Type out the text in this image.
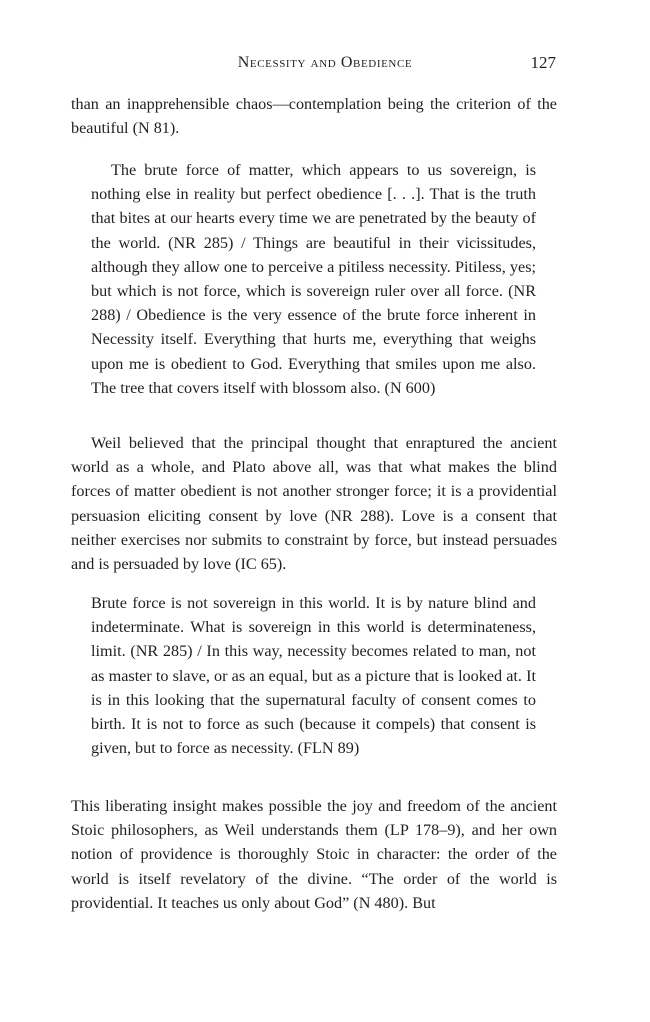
Necessity and Obedience	127

than an inapprehensible chaos—contemplation being the criterion of the beautiful (N 81).

The brute force of matter, which appears to us sovereign, is nothing else in reality but perfect obedience [. . .]. That is the truth that bites at our hearts every time we are penetrated by the beauty of the world. (NR 285) / Things are beautiful in their vicissitudes, although they allow one to perceive a pitiless necessity. Pitiless, yes; but which is not force, which is sovereign ruler over all force. (NR 288) / Obedience is the very essence of the brute force inherent in Necessity itself. Everything that hurts me, everything that weighs upon me is obedient to God. Everything that smiles upon me also. The tree that covers itself with blossom also. (N 600)

Weil believed that the principal thought that enraptured the ancient world as a whole, and Plato above all, was that what makes the blind forces of matter obedient is not another stronger force; it is a providential persuasion eliciting consent by love (NR 288). Love is a consent that neither exercises nor submits to constraint by force, but instead persuades and is persuaded by love (IC 65).

Brute force is not sovereign in this world. It is by nature blind and indeterminate. What is sovereign in this world is determinateness, limit. (NR 285) / In this way, necessity becomes related to man, not as master to slave, or as an equal, but as a picture that is looked at. It is in this looking that the supernatural faculty of consent comes to birth. It is not to force as such (because it compels) that consent is given, but to force as necessity. (FLN 89)

This liberating insight makes possible the joy and freedom of the ancient Stoic philosophers, as Weil understands them (LP 178–9), and her own notion of providence is thoroughly Stoic in character: the order of the world is itself revelatory of the divine. “The order of the world is providential. It teaches us only about God” (N 480). But
